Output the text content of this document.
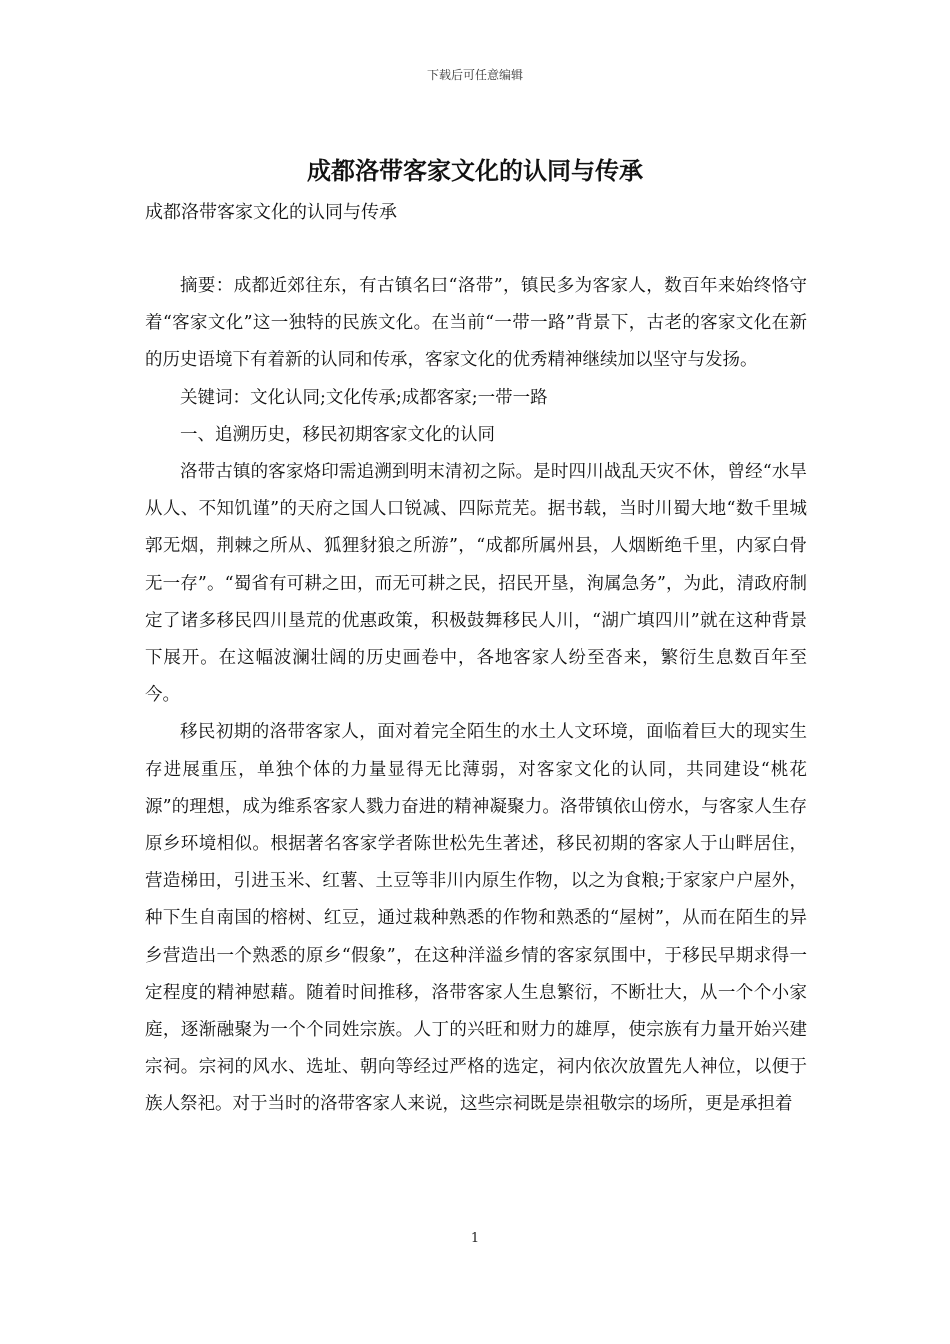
下载后可任意编辑
成都洛带客家文化的认同与传承

成都洛带客家文化的认同与传承

摘要：成都近郊往东，有古镇名曰“洛带”，镇民多为客家人，数百年来始终恪守着“客家文化”这一独特的民族文化。在当前“一带一路”背景下，古老的客家文化在新的历史语境下有着新的认同和传承，客家文化的优秀精神继续加以坚守与发扬。

关键词：文化认同;文化传承;成都客家;一带一路

一、追溯历史，移民初期客家文化的认同

洛带古镇的客家烙印需追溯到明末清初之际。是时四川战乱天灾不休，曾经“水旱从人、不知饥谨”的天府之国人口锐减、四际荒芜。据书载，当时川蜀大地“数千里城郭无烟，荆棘之所从、狐狸豺狼之所游”，“成都所属州县，人烟断绝千里，内冢白骨无一存”。“蜀省有可耕之田，而无可耕之民，招民开垦，洵属急务”，为此，清政府制定了诸多移民四川垦荒的优惠政策，积极鼓舞移民人川，“湖广填四川”就在这种背景下展开。在这幅波澜壮阔的历史画卷中，各地客家人纷至沓来，繁衍生息数百年至今。

移民初期的洛带客家人，面对着完全陌生的水土人文环境，面临着巨大的现实生存进展重压，单独个体的力量显得无比薄弱，对客家文化的认同，共同建设“桃花源”的理想，成为维系客家人戮力奋进的精神凝聚力。洛带镇依山傍水，与客家人生存原乡环境相似。根据著名客家学者陈世松先生著述，移民初期的客家人于山畔居住，营造梯田，引进玉米、红薯、土豆等非川内原生作物，以之为食粮;于家家户户屋外，种下生自南国的榕树、红豆，通过栽种熟悉的作物和熟悉的“屋树”，从而在陌生的异乡营造出一个熟悉的原乡“假象”，在这种洋溢乡情的客家氛围中，于移民早期求得一定程度的精神慰藉。随着时间推移，洛带客家人生息繁衍，不断壮大，从一个个小家庭，逐渐融聚为一个个同姓宗族。人丁的兴旺和财力的雄厚，使宗族有力量开始兴建宗祠。宗祠的风水、选址、朝向等经过严格的选定，祠内依次放置先人神位，以便于族人祭祀。对于当时的洛带客家人来说，这些宗祠既是崇祖敬宗的场所，更是承担着

1
